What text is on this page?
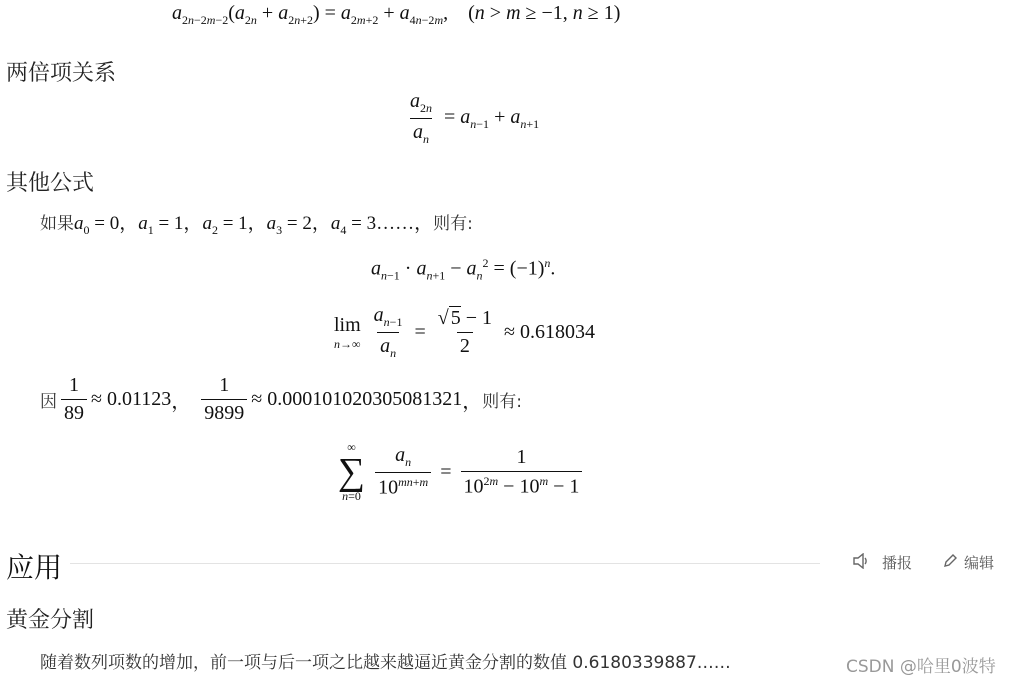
$a_{2n-2m-2}(a_{2n} + a_{2n+2}) = a_{2m+2} + a_{4n-2m}$,    (n > m ≥ −1, n ≥ 1)
两倍项关系
$\frac{a_{2n}}{a_n} = a_{n-1} + a_{n+1}$
其他公式
如果 $a_0 = 0$，$a_1 = 1$，$a_2 = 1$，$a_3 = 2$，$a_4$ = 3……， 则有:
$a_{n-1} \cdot a_{n+1} - a_n^2 = (-1)^n$.
lim
$n\to\infty \frac{a_{n-1}}{a_n} = \frac{√ 5 - 1}{2} \approx 0.618034$
因 $\frac{1}{89} \approx 0.01123$ ， $\frac{1}{9899} \approx 0.000101020305081321$ ， 则有:
∞
∑
$n=0 \frac{a_n}{10^{mn+m}} = \frac{1}{10^{2m} - 10^m - 1}$
应用	播报	编辑
黄金分割
随着数列项数的增加，前一项与后一项之比越来越逼近黄金分割的数值 0.6180339887……	CSDN @哈里0波特
